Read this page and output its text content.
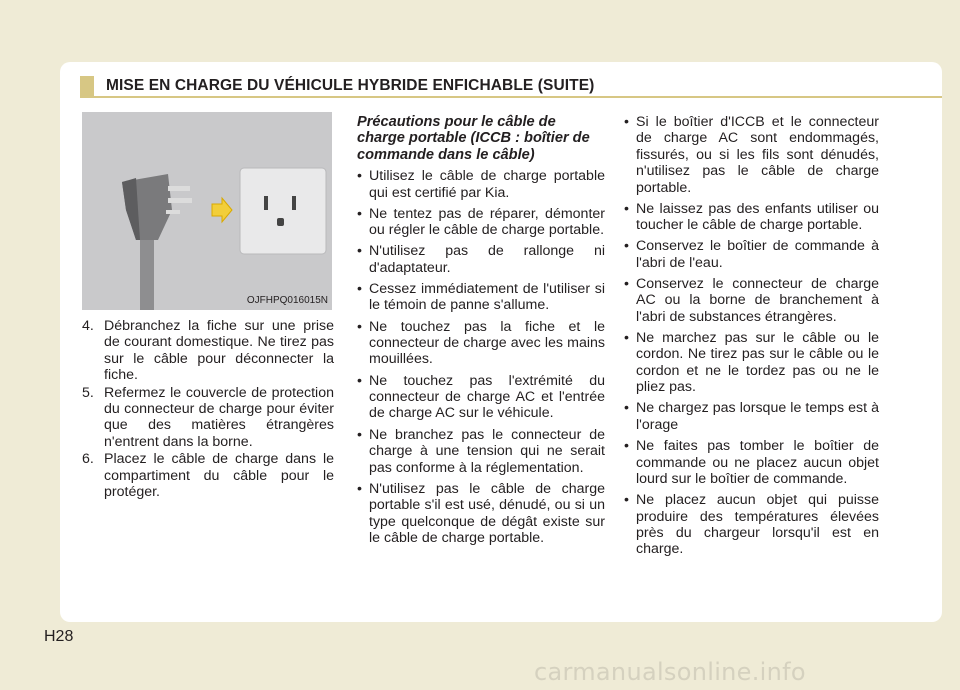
MISE EN CHARGE DU VÉHICULE HYBRIDE ENFICHABLE (SUITE)
OJFHPQ016015N
4. Débranchez la fiche sur une prise de courant domestique. Ne tirez pas sur le câble pour déconnecter la fiche.
5. Refermez le couvercle de protection du connecteur de charge pour éviter que des matières étrangères n'entrent dans la borne.
6. Placez le câble de charge dans le compartiment du câble pour le protéger.
Précautions pour le câble de charge portable (ICCB : boîtier de commande dans le câble)
• Utilisez le câble de charge portable qui est certifié par Kia.
• Ne tentez pas de réparer, démonter ou régler le câble de charge portable.
• N'utilisez pas de rallonge ni d'adaptateur.
• Cessez immédiatement de l'utiliser si le témoin de panne s'allume.
• Ne touchez pas la fiche et le connecteur de charge avec les mains mouillées.
• Ne touchez pas l'extrémité du connecteur de charge AC et l'entrée de charge AC sur le véhicule.
• Ne branchez pas le connecteur de charge à une tension qui ne serait pas conforme à la réglementation.
• N'utilisez pas le câble de charge portable s'il est usé, dénudé, ou si un type quelconque de dégât existe sur le câble de charge portable.
• Si le boîtier d'ICCB et le connecteur de charge AC sont endommagés, fissurés, ou si les fils sont dénudés, n'utilisez pas le câble de charge portable.
• Ne laissez pas des enfants utiliser ou toucher le câble de charge portable.
• Conservez le boîtier de commande à l'abri de l'eau.
• Conservez le connecteur de charge AC ou la borne de branchement à l'abri de substances étrangères.
• Ne marchez pas sur le câble ou le cordon. Ne tirez pas sur le câble ou le cordon et ne le tordez pas ou ne le pliez pas.
• Ne chargez pas lorsque le temps est à l'orage
• Ne faites pas tomber le boîtier de commande ou ne placez aucun objet lourd sur le boîtier de commande.
• Ne placez aucun objet qui puisse produire des températures élevées près du chargeur lorsqu'il est en charge.
H28
carmanualsonline.info
